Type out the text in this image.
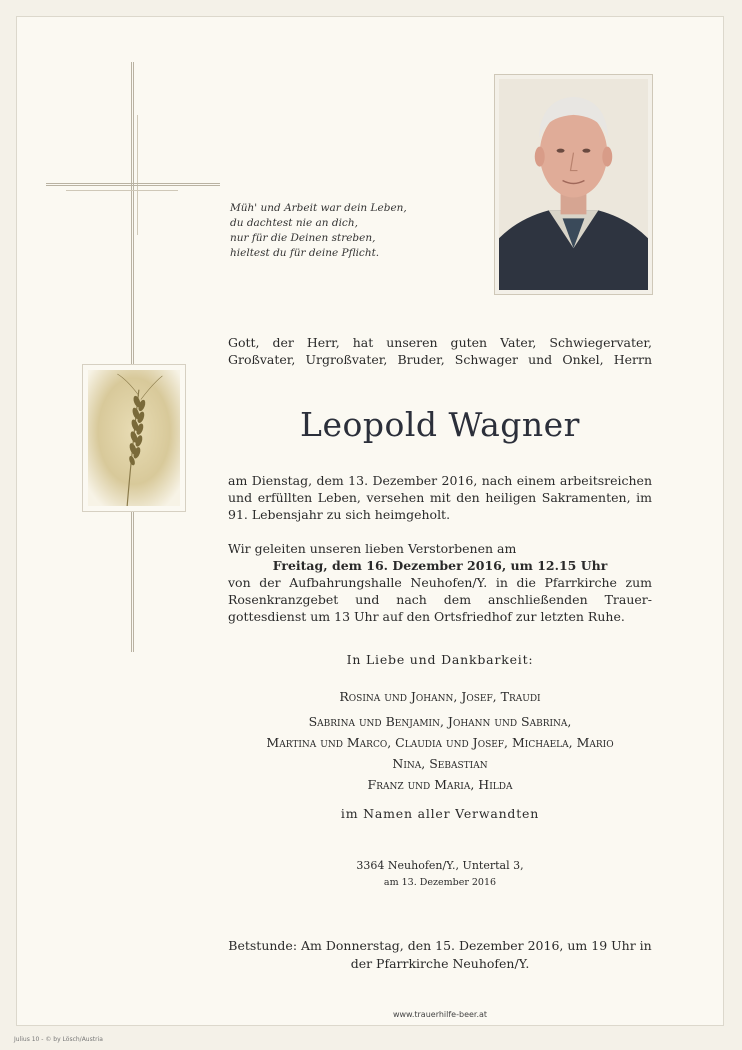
Müh' und Arbeit war dein Leben,
du dachtest nie an dich,
nur für die Deinen streben,
hieltest du für deine Pflicht.
Gott, der Herr, hat unseren guten Vater, Schwiegervater,
Großvater, Urgroßvater, Bruder, Schwager und Onkel, Herrn
Leopold Wagner
am Dienstag, dem 13. Dezember 2016, nach einem arbeitsreichen
und erfüllten Leben, versehen mit den heiligen Sakramenten, im
91. Lebensjahr zu sich heimgeholt.
Wir geleiten unseren lieben Verstorbenen am
Freitag, dem 16. Dezember 2016, um 12.15 Uhr
von der Aufbahrungshalle Neuhofen/Y. in die Pfarrkirche zum
Rosenkranzgebet und nach dem anschließenden Trauer-
gottesdienst um 13 Uhr auf den Ortsfriedhof zur letzten Ruhe.
In Liebe und Dankbarkeit:
Rosina und Johann, Josef, Traudi
Sabrina und Benjamin, Johann und Sabrina,
Martina und Marco, Claudia und Josef, Michaela, Mario
Nina, Sebastian
Franz und Maria, Hilda
im Namen aller Verwandten
3364 Neuhofen/Y., Untertal 3,
am 13. Dezember 2016
Betstunde: Am Donnerstag, den 15. Dezember 2016, um 19 Uhr in
der Pfarrkirche Neuhofen/Y.
www.trauerhilfe-beer.at
Julius 10 - © by Lösch/Austria
